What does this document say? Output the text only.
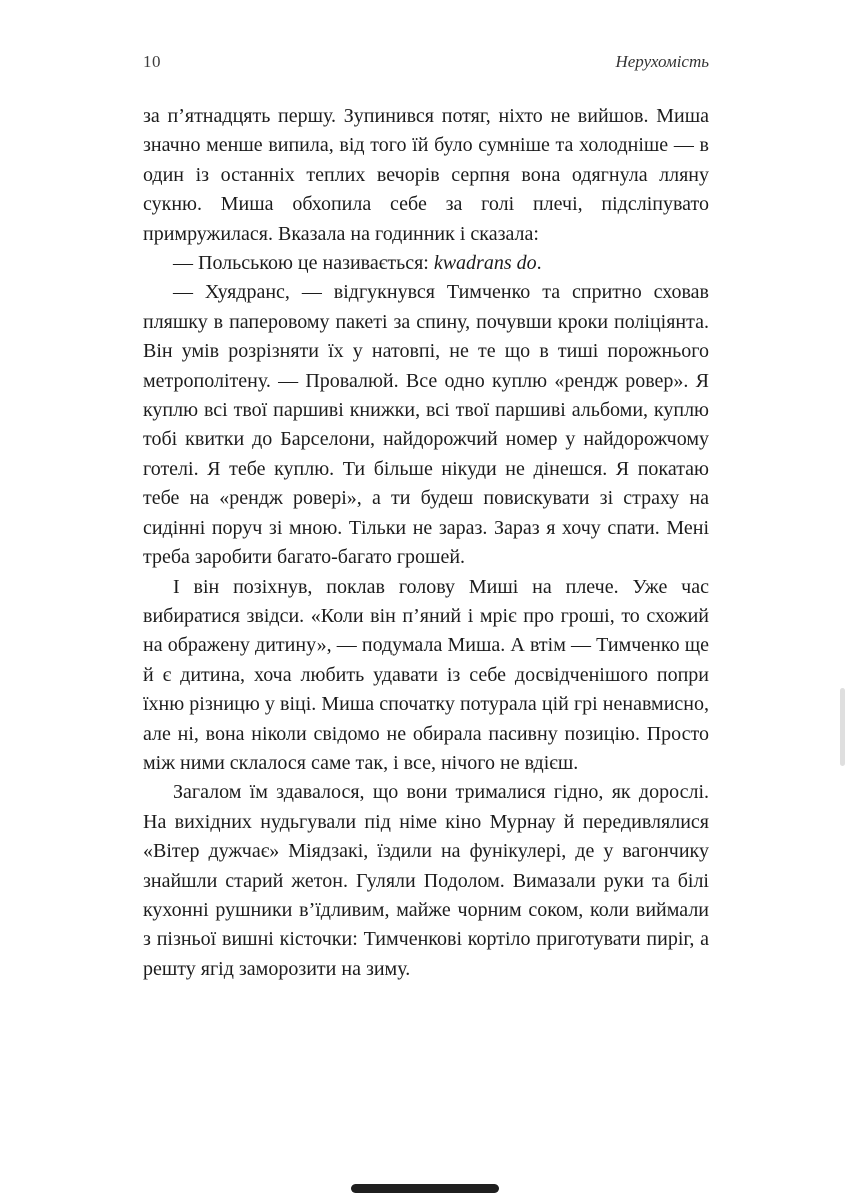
10	Нерухомість

за п’ятнадцять першу. Зупинився потяг, ніхто не вийшов. Миша значно менше випила, від того їй було сумніше та холодніше — в один із останніх теплих вечорів серпня вона одягнула лляну сукню. Миша обхопила себе за голі плечі, підсліпувато примружилася. Вказала на годинник і сказала:

— Польською це називається: kwadrans do.

— Хуядранс, — відгукнувся Тимченко та спритно сховав пляшку в паперовому пакеті за спину, почувши кроки поліціянта. Він умів розрізняти їх у натовпі, не те що в тиші порожнього метрополітену. — Провалюй. Все одно куплю «рендж ровер». Я куплю всі твої паршиві книжки, всі твої паршиві альбоми, куплю тобі квитки до Барселони, найдорожчий номер у найдорожчому готелі. Я тебе куплю. Ти більше нікуди не дінешся. Я покатаю тебе на «рендж ровері», а ти будеш повискувати зі страху на сидінні поруч зі мною. Тільки не зараз. Зараз я хочу спати. Мені треба заробити багато-багато грошей.

І він позіхнув, поклав голову Миші на плече. Уже час вибиратися звідси. «Коли він п’яний і мріє про гроші, то схожий на ображену дитину», — подумала Миша. А втім — Тимченко ще й є дитина, хоча любить удавати із себе досвідченішого попри їхню різницю у віці. Миша спочатку потурала цій грі ненавмисно, але ні, вона ніколи свідомо не обирала пасивну позицію. Просто між ними склалося саме так, і все, нічого не вдієш.

Загалом їм здавалося, що вони трималися гідно, як дорослі. На вихідних нудьгували під німе кіно Мурнау й передивлялися «Вітер дужчає» Міядзакі, їздили на фунікулері, де у вагончику знайшли старий жетон. Гуляли Подолом. Вимазали руки та білі кухонні рушники в’їдливим, майже чорним соком, коли виймали з пізньої вишні кісточки: Тимченкові кортіло приготувати пиріг, а решту ягід заморозити на зиму.
